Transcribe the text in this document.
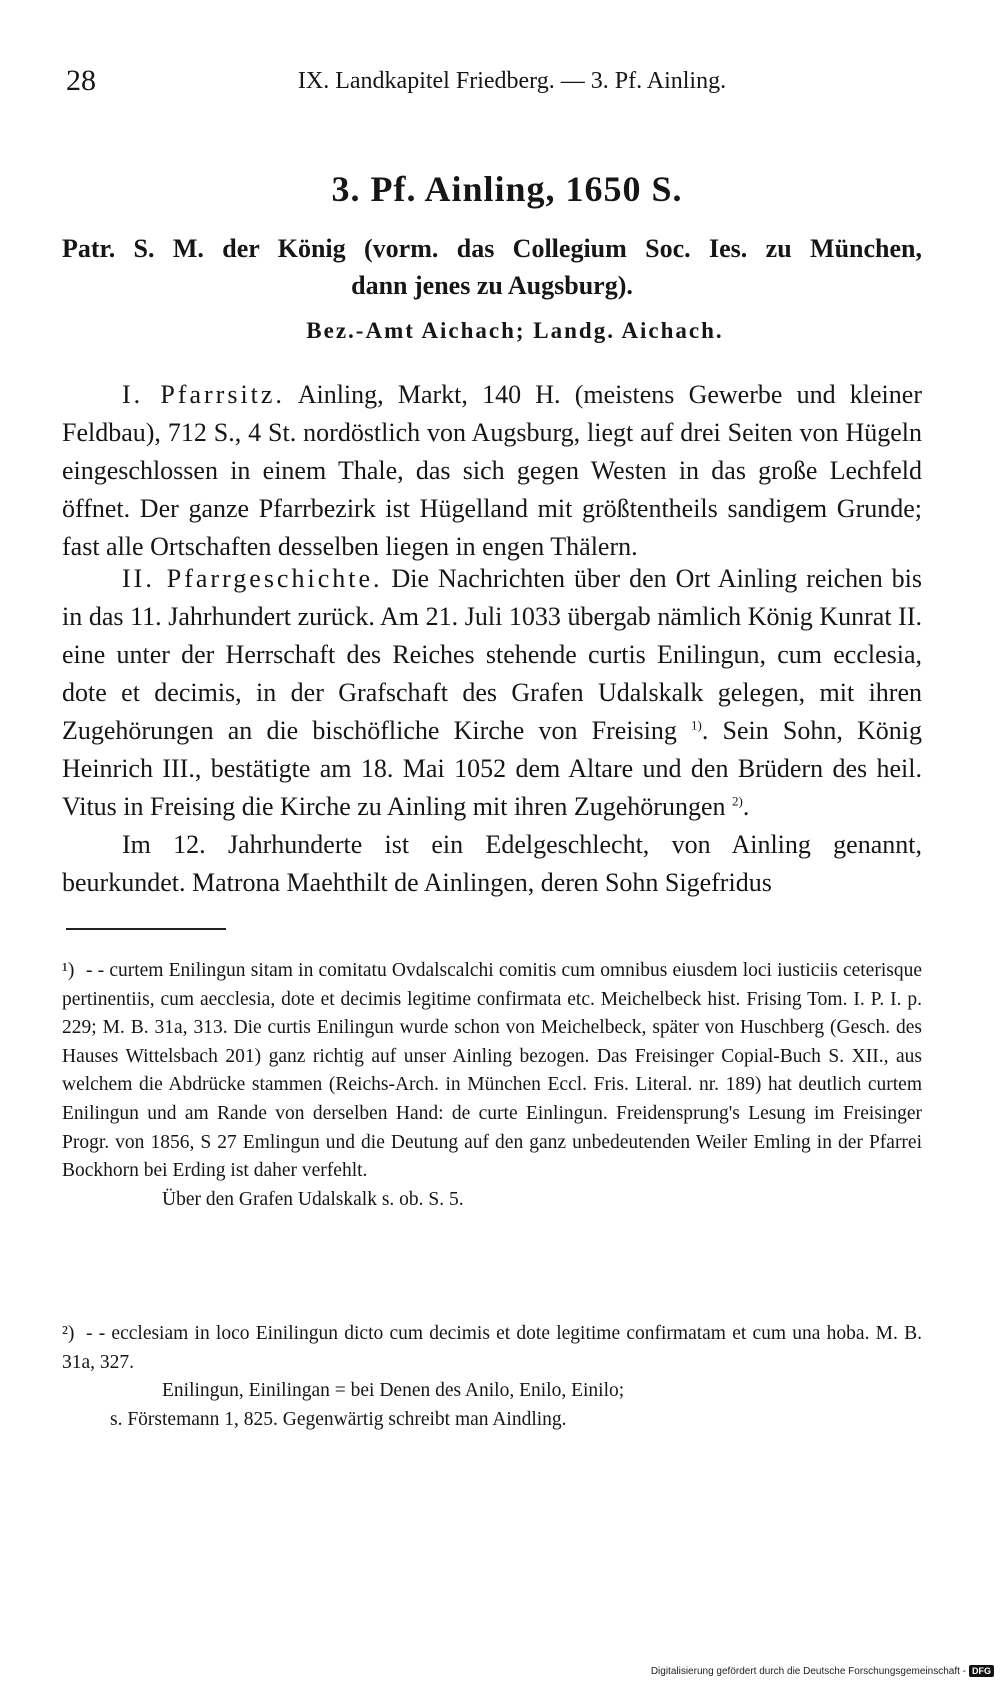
28	IX. Landkapitel Friedberg. — 3. Pf. Ainling.
3. Pf. Ainling, 1650 S.
Patr. S. M. der König (vorm. das Collegium Soc. Ies. zu München,
dann jenes zu Augsburg).
Bez.-Amt Aichach; Landg. Aichach.

I. Pfarrsitz. Ainling, Markt, 140 H. (meistens Gewerbe und kleiner Feldbau), 712 S., 4 St. nordöstlich von Augsburg, liegt auf drei Seiten von Hügeln eingeschlossen in einem Thale, das sich gegen Westen in das große Lechfeld öffnet. Der ganze Pfarrbezirk ist Hügelland mit größtentheils sandigem Grunde; fast alle Ortschaften desselben liegen in engen Thälern.

II. Pfarrgeschichte. Die Nachrichten über den Ort Ainling reichen bis in das 11. Jahrhundert zurück. Am 21. Juli 1033 übergab nämlich König Kunrat II. eine unter der Herrschaft des Reiches stehende curtis Enilingun, cum ecclesia, dote et decimis, in der Grafschaft des Grafen Udalskalk gelegen, mit ihren Zugehörungen an die bischöfliche Kirche von Freising $^{1)}$. Sein Sohn, König Heinrich III., bestätigte am 18. Mai 1052 dem Altare und den Brüdern des heil. Vitus in Freising die Kirche zu Ainling mit ihren Zugehörungen $^{2)}$.

Im 12. Jahrhunderte ist ein Edelgeschlecht, von Ainling genannt, beurkundet. Matrona Maehthilt de Ainlingen, deren Sohn Sigefridus

¹) - - curtem Enilingun sitam in comitatu Ovdalscalchi comitis cum omnibus eiusdem loci iusticiis ceterisque pertinentiis, cum aecclesia, dote et decimis legitime confirmata etc. Meichelbeck hist. Frising Tom. I. P. I. p. 229; M. B. 31a, 313. Die curtis Enilingun wurde schon von Meichelbeck, später von Huschberg (Gesch. des Hauses Wittelsbach 201) ganz richtig auf unser Ainling bezogen. Das Freisinger Copial-Buch S. XII., aus welchem die Abdrücke stammen (Reichs-Arch. in München Eccl. Fris. Literal. nr. 189) hat deutlich curtem Enilingun und am Rande von derselben Hand: de curte Einlingun. Freidensprung's Lesung im Freisinger Progr. von 1856, S 27 Emlingun und die Deutung auf den ganz unbedeutenden Weiler Emling in der Pfarrei Bockhorn bei Erding ist daher verfehlt.

Über den Grafen Udalskalk s. ob. S. 5.

²) - - ecclesiam in loco Einilingun dicto cum decimis et dote legitime confirmatam et cum una hoba. M. B. 31a, 327.

Enilingun, Einilingan = bei Denen des Anilo, Enilo, Einilo;

s. Förstemann 1, 825. Gegenwärtig schreibt man Aindling.

Digitalisierung gefördert durch die Deutsche Forschungsgemeinschaft - DFG
